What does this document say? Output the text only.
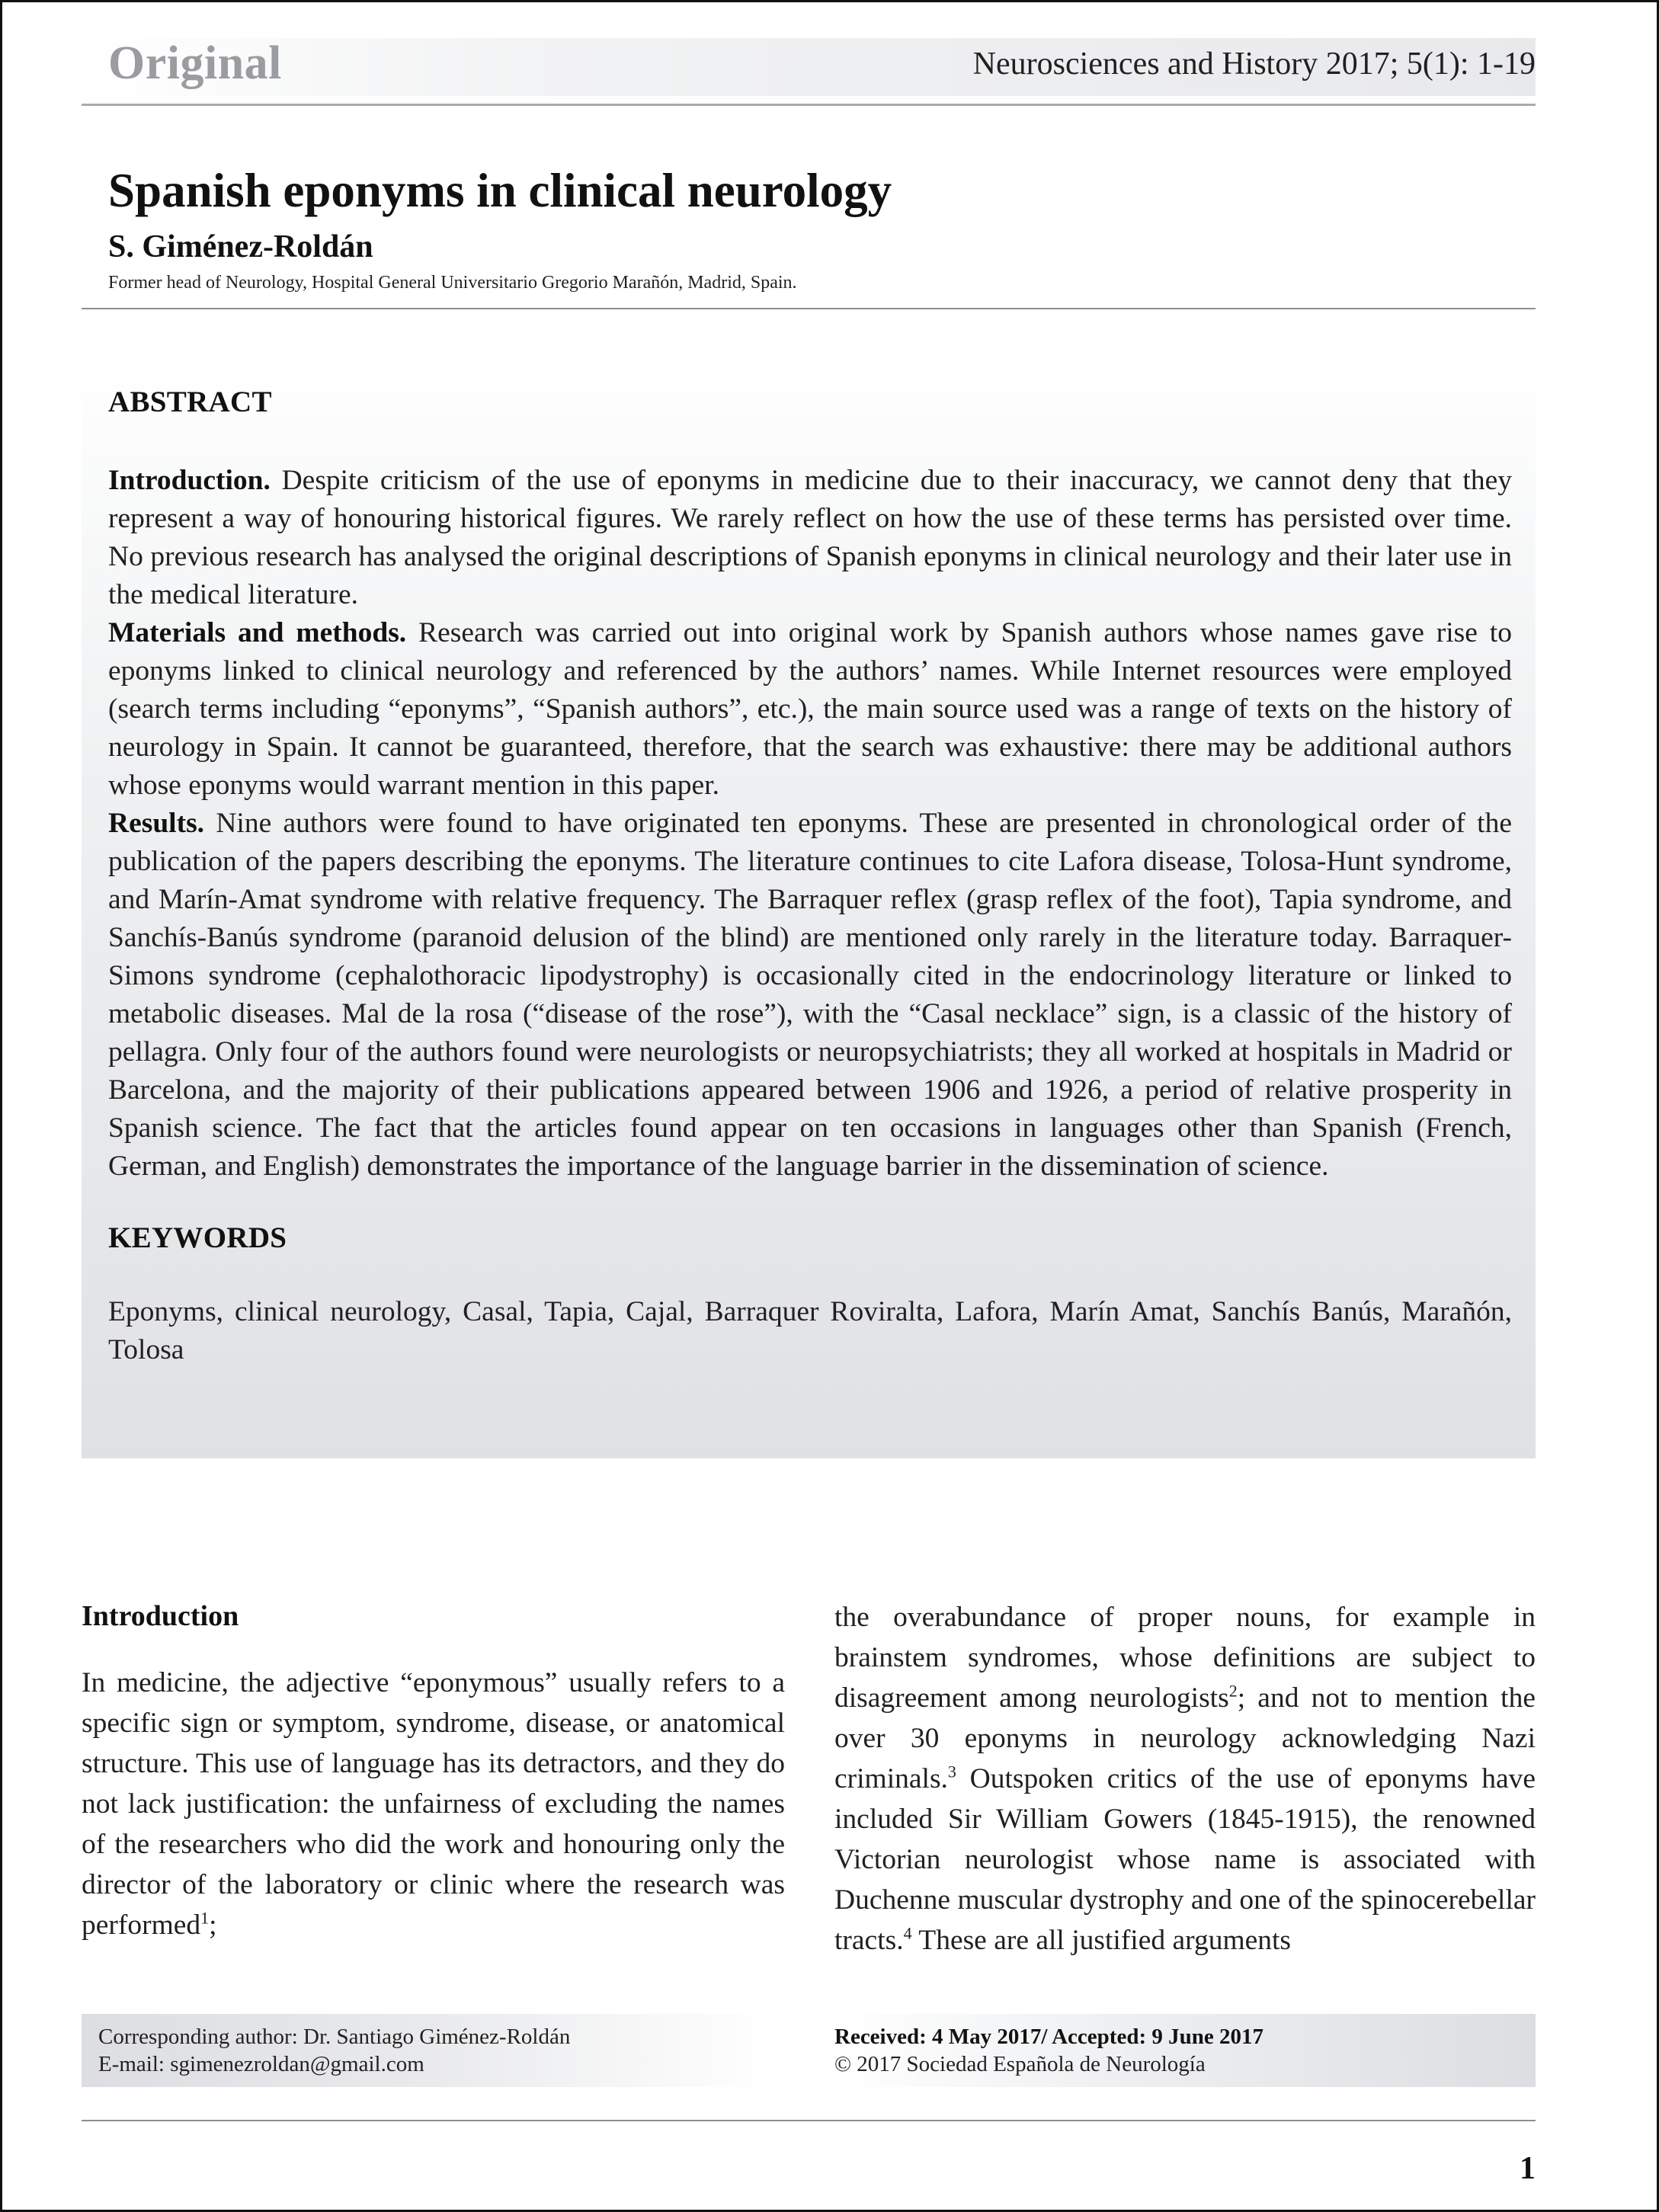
Original	Neurosciences and History 2017; 5(1): 1-19
Spanish eponyms in clinical neurology
S. Giménez-Roldán
Former head of Neurology, Hospital General Universitario Gregorio Marañón, Madrid, Spain.
ABSTRACT

Introduction. Despite criticism of the use of eponyms in medicine due to their inaccuracy, we cannot deny that they represent a way of honouring historical figures. We rarely reflect on how the use of these terms has persisted over time. No previous research has analysed the original descriptions of Spanish eponyms in clinical neurology and their later use in the medical literature.

Materials and methods. Research was carried out into original work by Spanish authors whose names gave rise to eponyms linked to clinical neurology and referenced by the authors’ names. While Internet resources were employed (search terms including “eponyms”, “Spanish authors”, etc.), the main source used was a range of texts on the history of neurology in Spain. It cannot be guaranteed, therefore, that the search was exhaustive: there may be additional authors whose eponyms would warrant mention in this paper.

Results. Nine authors were found to have originated ten eponyms. These are presented in chronological order of the publication of the papers describing the eponyms. The literature continues to cite Lafora disease, Tolosa-Hunt syndrome, and Marín-Amat syndrome with relative frequency. The Barraquer reflex (grasp reflex of the foot), Tapia syndrome, and Sanchís-Banús syndrome (paranoid delusion of the blind) are mentioned only rarely in the literature today. Barraquer-Simons syndrome (cephalothoracic lipodystrophy) is occasionally cited in the endocrinology literature or linked to metabolic diseases. Mal de la rosa (“disease of the rose”), with the “Casal necklace” sign, is a classic of the history of pellagra. Only four of the authors found were neurologists or neuropsychiatrists; they all worked at hospitals in Madrid or Barcelona, and the majority of their publications appeared between 1906 and 1926, a period of relative prosperity in Spanish science. The fact that the articles found appear on ten occasions in languages other than Spanish (French, German, and English) demonstrates the importance of the language barrier in the dissemination of science.

KEYWORDS

Eponyms, clinical neurology, Casal, Tapia, Cajal, Barraquer Roviralta, Lafora, Marín Amat, Sanchís Banús, Marañón, Tolosa

Introduction

In medicine, the adjective “eponymous” usually refers to a specific sign or symptom, syndrome, disease, or anatomical structure. This use of language has its detractors, and they do not lack justification: the unfairness of excluding the names of the researchers who did the work and honouring only the director of the laboratory or clinic where the research was performed$^1$;

the overabundance of proper nouns, for example in brainstem syndromes, whose definitions are subject to disagreement among neurologists$^2$; and not to mention the over 30 eponyms in neurology acknowledging Nazi criminals.$^3$ Outspoken critics of the use of eponyms have included Sir William Gowers (1845-1915), the renowned Victorian neurologist whose name is associated with Duchenne muscular dystrophy and one of the spinocerebellar tracts.$^4$ These are all justified arguments

Corresponding author: Dr. Santiago Giménez-Roldán
E-mail: sgimenezroldan@gmail.com
Received: 4 May 2017/ Accepted: 9 June 2017
© 2017 Sociedad Española de Neurología
1
